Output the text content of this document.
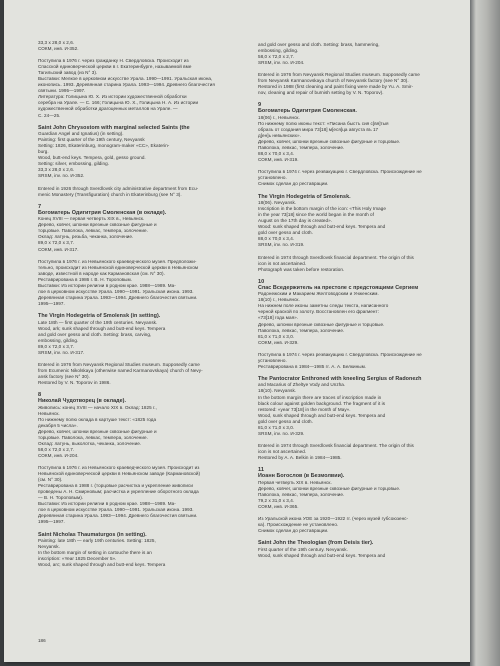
33,3 x 28,0 x 2,6.
СОКМ, инв. И-352.
Поступила в 1976 г. через гражданку Н. Свердловска. Происходит из
Спасской единоверческой церкви в г. Екатеринбурге, называемой вме
Тагильский завод (из N° 3).
Выставки: Мелкое в церковном искусстве Урала. 1990—1991. Уральская икона,
иконопись. 1993. Деревянная старина Урала. 1993—1994. Древнего благочестия
святыни. 1995—1997.
Литература: Голицына Ю. Х. Из истории художественной обработки
серебра на Урале. — С. 166; Голицына Ю. Х., Голицына Н. А. Из истории
художественной обработки драгоценных металлов на Урале. —
С. 24—25.
Saint John Chrysostom with marginal selected Saints (the
Guardian Angel and Ignatius) (in setting).
Painting: first quarter of the 19th century, Nevyansk
Setting: 1826, Ekaterinburg, monogram-maker «CC», Ekaterin-
burg.
Wood, butt-end keys. Tempera, gold, gesso ground.
Setting: silver, embossing, gilding.
33,3 x 28,0 x 2,6.
SRSM, inv. no. И-352.
Entered in 1926 through Sverdlovsk city administrative department from Ecu-
menic Monastery (Transfiguration) church in Ekaterinburg (see N° 3).
7
Богоматерь Одигитрия Смоленская (в окладе).
Конец XVIII — первая четверть XIX в., Невьянск.
Дерево, ковчег, шпонки врезные сквозные фигурные и
торцовые. Паволока, левкас, темпера, золочение.
Оклад: латунь, резьба, чеканка, золочение.
89,0 x 72,0 x 3,7.
СОКМ, инв. И-317.
Поступила в 1976 г. из Невьянского краеведческого музея. Предположи-
тельно, происходит из Невьянской единоверческой церкви в Невьянском
заводе, известной в народе как Кармановская (см. N° 30).
Реставрирована в 1986 г. В. Н. Тороповым.
Выставки: Из истории религии в родном крае. 1988—1989. Ма-
лое в церковном искусстве Урала. 1990—1991. Уральская икона. 1993.
Деревянная старина Урала. 1993—1994. Древнего благочестия святыни.
1995—1997.
The Virgin Hodegetria of Smolensk (in setting).
Late 18th — first quarter of the 19th centuries. Nevyansk.
Wood, ark; sunk shaped through and butt-end keys. Tempera
and gold over gesso and cloth. Setting: brass, carving,
embossing, gilding.
89,0 x 72,0 x 3,7.
SRSM, inv. no. И-317.
Entered in 1976 from Nevyansk Regional Studies museum. Supposedly came
from Ecumenic Nikolskaya (otherwise named Karmanovskaya) church of Nevy-
ansk factory (see N° 30).
Restored by V. N. Toporov in 1986.
8
Николай Чудотворец (в окладе).
Живопись: конец XVIII — начало XIX в. Оклад: 1825 г.,
Невьянск.
По нижнему полю оклада в картуше текст: «1825 года
декабря 5 числа».
Дерево, ковчег, шпонки врезные сквозные фигурные и
торцовые. Паволока, левкас, темпера, золочение.
Оклад: латунь, выколотка, чеканка, золочение.
58,0 x 72,0 x 2,7.
СОКМ, инв. И-204.
Поступила в 1976 г. из Невьянского краеведческого музея. Происходит из
Невьянской единоверческой церкви в Невьянском заводе (Кармановской)
(см. N° 30).
Реставрирована в 1988 г. (торцовые расчистка и укрепление живописи
проведены А. Н. Смирновым; расчистка и укрепление оборотного оклада
— В. Н. Тороповым).
Выставки: Из истории религии в родном крае. 1988—1989. Ма-
лое в церковном искусстве Урала. 1990—1991. Уральская икона. 1993.
Деревянная старина Урала. 1993—1994. Древнего благочестия святыни.
1995—1997.
Saint Nicholas Thaumaturgos (in setting).
Painting: late 18th — early 19th centuries. Setting: 1825,
Nevyansk.
In the bottom margin of setting in cartouche there is an
inscription: «Year 1825 December 5».
Wood, arc; sunk shaped through and butt-end keys. Tempera
and gold over gesso and cloth. Setting: brass, hammering,
embossing, gilding.
58,0 x 72,0 x 2,7.
SRSM, inv. no. И-204.
Entered in 1976 from Nevyansk Regional Studies museum. Supposedly came
from Nevyansk Karmanovskaya church of Nevyansk factory (see N° 30).
Restored in 1988 (first cleaning and paint fixing were made by Yu. A. Smir-
nov, cleaning and repair of burnish setting by V. N. Toporov).
9
Богоматерь Одигитрия Смоленская.
18(06) г., Невьянск.
По нижнему полю иконы текст: «Писана быстъ сия с[вя]тыя
образъ от создания мира 73[18] м[еся]ца августа въ 17
д[ен]ь невьянских».
Дерево, ковчег, шпонки врезные сквозные фигурные и торцовые.
Паволока, левкас, темпера, золочение.
88,0 x 70,0 x 3,4.
СОКМ, инв. И-319.
Поступила в 1974 г. через реэвакуацию г. Свердловска. Происхождение не
установлено.
Снимок сделан до реставрации.
The Virgin Hodegetria of Smolensk.
18(06). Nevyansk.
Inscription in the bottom margin of the icon: «This Holy Image
in the year 73[18] since the world began in the month of
August on the 17th day is created».
Wood: sunk shaped through and butt-end keys. Tempera and
gold over gesso and cloth.
88,0 x 70,0 x 3,4.
SRSM, inv. no. И-319.
Entered in 1974 through Sverdlovsk financial department. The origin of this
icon is not ascertained.
Photograph was taken before restoration.
10
Спас Вседержитель на престоле с предстоящими Сергием
Радонежским и Макарием Желтоводским и Унженским.
18(10) г., Невьянск.
На нижнем поле иконы заметны следы текста, написанного
черной краской по золоту. Восстановлен его фрагмент:
«73[18] года мая».
Дерево, шпонки врезные сквозные фигурные и торцовые.
Паволока, левкас, темпера, золочение.
81,0 x 71,0 x 3,0.
СОКМ, инв. И-329.
Поступила в 1974 г. через реэвакуацию г. Свердловска. Происхождение не
установлено.
Реставрирована в 1984—1985 гг. А. А. Белкиным.
The Pantocrator Enthroned with kneeling Sergius of Radonezh
and Macarius of Zheltye Vody and Unzha.
18(10). Nevyansk.
In the bottom margin there are traces of inscription made in
black colour against golden background. The fragment of it is
restored: «year 73[18] in the month of May».
Wood, sunk shaped through and butt-end keys. Tempera and
gold over gesso and cloth.
81,0 x 71,0 x 3,0.
SRSM, inv. no. И-329.
Entered in 1974 through Sverdlovsk financial department. The origin of this
icon is not ascertained.
Restored by A. A. Belkin in 1984—1985.
11
Иоанн Богослов (в Безмолвии).
Первая четверть XIX в. Невьянск.
Дерево, ковчег, шпонки врезные сквозные фигурные и торцовые.
Паволока, левкас, темпера, золочение.
79,2 x 31,0 x 3,4.
СОКМ, инв. И-365.
Из Уральской икона УОЕ за 1920—1922 гг. (через музей губсоюзенс-
ка). Происхождение не установлено.
Снимок сделан до реставрации.
Saint John the Theologian (from Deisis tier).
First quarter of the 19th century. Nevyansk.
Wood, sunk shaped through and butt-end keys. Tempera and
186
